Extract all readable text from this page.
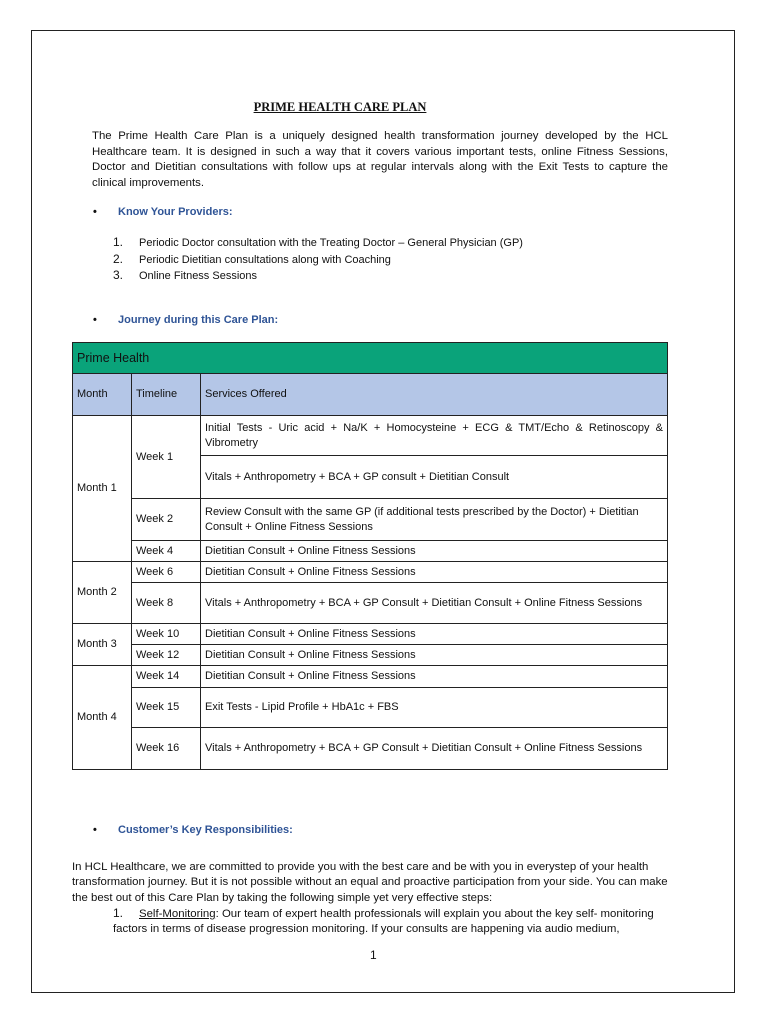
PRIME HEALTH CARE PLAN
The Prime Health Care Plan is a uniquely designed health transformation journey developed by the HCL Healthcare team. It is designed in such a way that it covers various important tests, online Fitness Sessions, Doctor and Dietitian consultations with follow ups at regular intervals along with the Exit Tests to capture the clinical improvements.
• Know Your Providers:
1. Periodic Doctor consultation with the Treating Doctor – General Physician (GP)
2. Periodic Dietitian consultations along with Coaching
3. Online Fitness Sessions
• Journey during this Care Plan:
Prime Health		
Month	Timeline	Services Offered
Month 1	Week 1	Initial Tests - Uric acid + Na/K + Homocysteine + ECG & TMT/Echo & Retinoscopy & Vibrometry
		Vitals + Anthropometry + BCA + GP consult + Dietitian Consult
	Week 2	Review Consult with the same GP (if additional tests prescribed by the Doctor) + Dietitian Consult + Online Fitness Sessions
	Week 4	Dietitian Consult + Online Fitness Sessions
Month 2	Week 6	Dietitian Consult + Online Fitness Sessions
	Week 8	Vitals + Anthropometry + BCA + GP Consult + Dietitian Consult + Online Fitness Sessions
Month 3	Week 10	Dietitian Consult + Online Fitness Sessions
	Week 12	Dietitian Consult + Online Fitness Sessions
Month 4	Week 14	Dietitian Consult + Online Fitness Sessions
	Week 15	Exit Tests - Lipid Profile + HbA1c + FBS
	Week 16	Vitals + Anthropometry + BCA + GP Consult + Dietitian Consult + Online Fitness Sessions
• Customer’s Key Responsibilities:
In HCL Healthcare, we are committed to provide you with the best care and be with you in everystep of your health transformation journey. But it is not possible without an equal and proactive participation from your side. You can make the best out of this Care Plan by taking the following simple yet very effective steps:
1. Self-Monitoring: Our team of expert health professionals will explain you about the key self- monitoring factors in terms of disease progression monitoring. If your consults are happening via audio medium,
1
